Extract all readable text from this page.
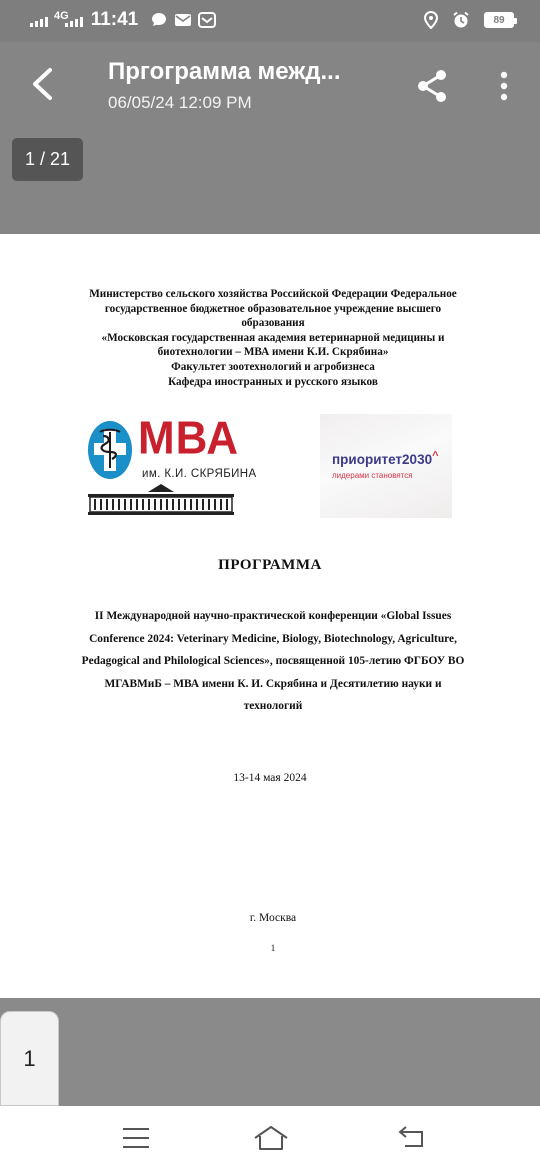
4G 11:41	89
Пргограмма межд...
06/05/24 12:09 PM
1 / 21
Министерство сельского хозяйства Российской Федерации Федеральное
государственное бюджетное образовательное учреждение высшего
образования
«Московская государственная академия ветеринарной медицины и
биотехнологии – МВА имени К.И. Скрябина»
Факультет зоотехнологий и агробизнеса
Кафедра иностранных и русского языков
МВА
им. К.И. СКРЯБИНА
приоритет2030^
лидерами становятся
ПРОГРАММА
II Международной научно-практической конференции «Global Issues
Conference 2024: Veterinary Medicine, Biology, Biotechnology, Agriculture,
Pedagogical and Philological Sciences», посвященной 105-летию ФГБОУ ВО
МГАВМиБ – МВА имени К. И. Скрябина и Десятилетию науки и
технологий
13-14 мая 2024
г. Москва
1
1
